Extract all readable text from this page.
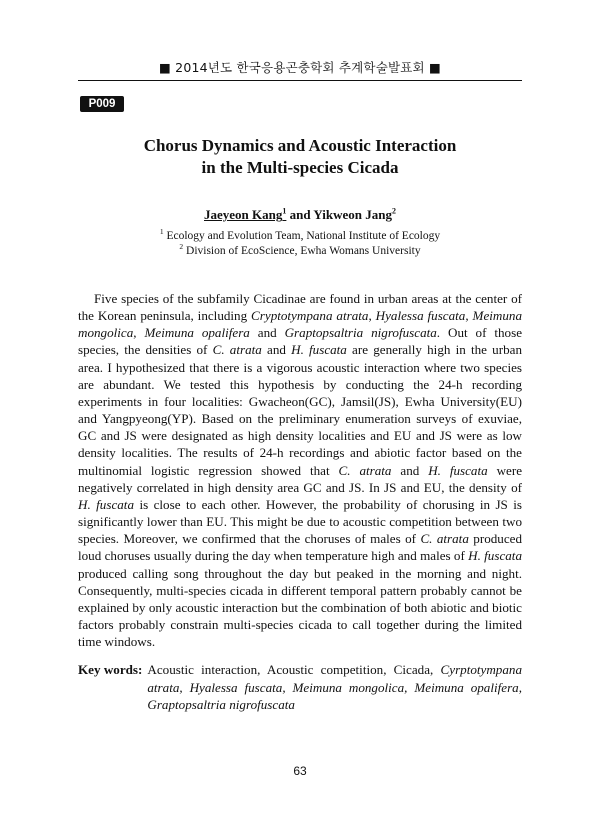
■ 2014년도 한국응용곤충학회 추계학술발표회 ■
P009
Chorus Dynamics and Acoustic Interaction
in the Multi-species Cicada
Jaeyeon Kang$^1$ and Yikweon Jang$^2$
$^1$ Ecology and Evolution Team, National Institute of Ecology
$^2$ Division of EcoScience, Ewha Womans University

Five species of the subfamily Cicadinae are found in urban areas at the center of the Korean peninsula, including Cryptotympana atrata, Hyalessa fuscata, Meimuna mongolica, Meimuna opalifera and Graptopsaltria nigrofuscata. Out of those species, the densities of C. atrata and H. fuscata are generally high in the urban area. I hypothesized that there is a vigorous acoustic interaction where two species are abundant. We tested this hypothesis by conducting the 24-h recording experiments in four localities: Gwacheon(GC), Jamsil(JS), Ewha University(EU) and Yangpyeong(YP). Based on the preliminary enumeration surveys of exuviae, GC and JS were designated as high density localities and EU and JS were as low density localities. The results of 24-h recordings and abiotic factor based on the multinomial logistic regression showed that C. atrata and H. fuscata were negatively correlated in high density area GC and JS. In JS and EU, the density of H. fuscata is close to each other. However, the probability of chorusing in JS is significantly lower than EU. This might be due to acoustic competition between two species. Moreover, we confirmed that the choruses of males of C. atrata produced loud choruses usually during the day when temperature high and males of H. fuscata produced calling song throughout the day but peaked in the morning and night. Consequently, multi-species cicada in different temporal pattern probably cannot be explained by only acoustic interaction but the combination of both abiotic and biotic factors probably constrain multi-species cicada to call together during the limited time windows.

Key words: Acoustic interaction, Acoustic competition, Cicada, Cyrptotympana atrata, Hyalessa fuscata, Meimuna mongolica, Meimuna opalifera, Graptopsaltria nigrofuscata
63
